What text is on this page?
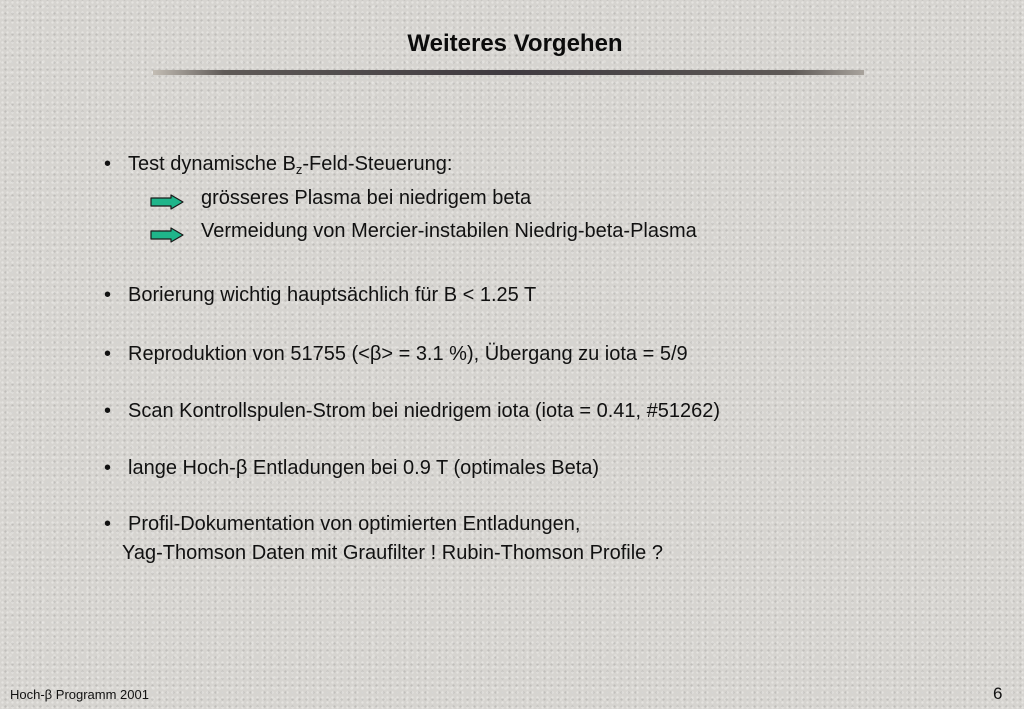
Weiteres Vorgehen
• Test dynamische $B_z-Feld$-Steuerung:
grösseres Plasma bei niedrigem beta
Vermeidung von Mercier-instabilen Niedrig-beta-Plasma
• Borierung wichtig hauptsächlich für B < 1.25 T
• Reproduktion von 51755 (<β> = 3.1 %), Übergang zu iota = 5/9
• Scan Kontrollspulen-Strom bei niedrigem iota (iota = 0.41, #51262)
• lange Hoch-β Entladungen bei 0.9 T (optimales Beta)
• Profil-Dokumentation von optimierten Entladungen,
Yag-Thomson Daten mit Graufilter ! Rubin-Thomson Profile ?
Hoch-β Programm 2001	6
